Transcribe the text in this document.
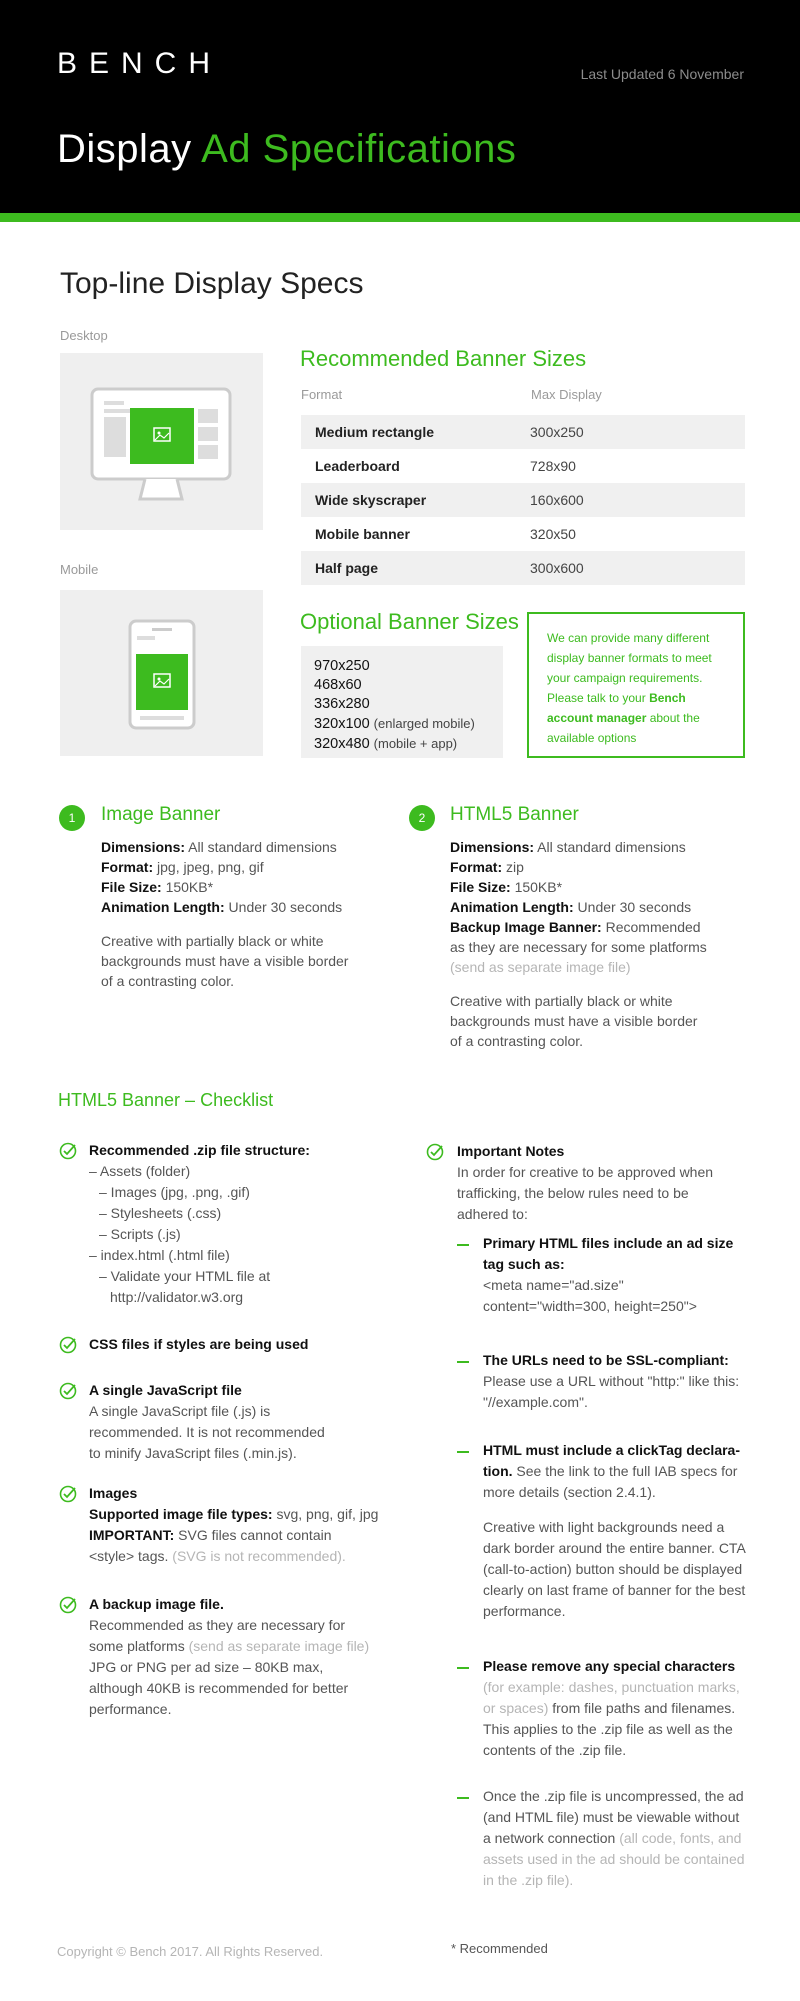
BENCH	Last Updated 6 November
Display Ad Specifications
Top-line Display Specs
Desktop
Mobile
Recommended Banner Sizes
Format	Max Display
Medium rectangle	300x250
Leaderboard	728x90
Wide skyscraper	160x600
Mobile banner	320x50
Half page	300x600
Optional Banner Sizes
970x250
468x60
336x280
320x100 (enlarged mobile)
320x480 (mobile + app)
We can provide many different display banner formats to meet your campaign requirements. Please talk to your Bench account manager about the available options
1	Image Banner

Dimensions: All standard dimensions

Format: jpg, jpeg, png, gif

File Size: 150KB*

Animation Length: Under 30 seconds

Creative with partially black or white backgrounds must have a visible border of a contrasting color.

2	HTML5 Banner

Dimensions: All standard dimensions

Format: zip

File Size: 150KB*

Animation Length: Under 30 seconds

Backup Image Banner: Recommended as they are necessary for some platforms

(send as separate image file)

Creative with partially black or white backgrounds must have a visible border of a contrasting color.

HTML5 Banner – Checklist
Recommended .zip file structure:
– Assets (folder)
– Images (jpg, .png, .gif)
– Stylesheets (.css)
– Scripts (.js)
– index.html (.html file)
– Validate your HTML file at
http://validator.w3.org
CSS files if styles are being used
A single JavaScript file
A single JavaScript file (.js) is recommended. It is not recommended to minify JavaScript files (.min.js).
Images
Supported image file types: svg, png, gif, jpg
IMPORTANT: SVG files cannot contain <style> tags. (SVG is not recommended).
A backup image file.
Recommended as they are necessary for some platforms (send as separate image file) JPG or PNG per ad size – 80KB max, although 40KB is recommended for better performance.
Important Notes
In order for creative to be approved when trafficking, the below rules need to be adhered to:
Primary HTML files include an ad size tag such as:
<meta name="ad.size" content="width=300, height=250">
The URLs need to be SSL-compliant:
Please use a URL without "http:" like this: "//example.com".
HTML must include a clickTag declara-tion. See the link to the full IAB specs for more details (section 2.4.1).
Creative with light backgrounds need a dark border around the entire banner. CTA (call-to-action) button should be displayed clearly on last frame of banner for the best performance.
Please remove any special characters (for example: dashes, punctuation marks, or spaces) from file paths and filenames. This applies to the .zip file as well as the contents of the .zip file.
Once the .zip file is uncompressed, the ad (and HTML file) must be viewable without a network connection (all code, fonts, and assets used in the ad should be contained in the .zip file).
Copyright © Bench 2017. All Rights Reserved.	* Recommended
